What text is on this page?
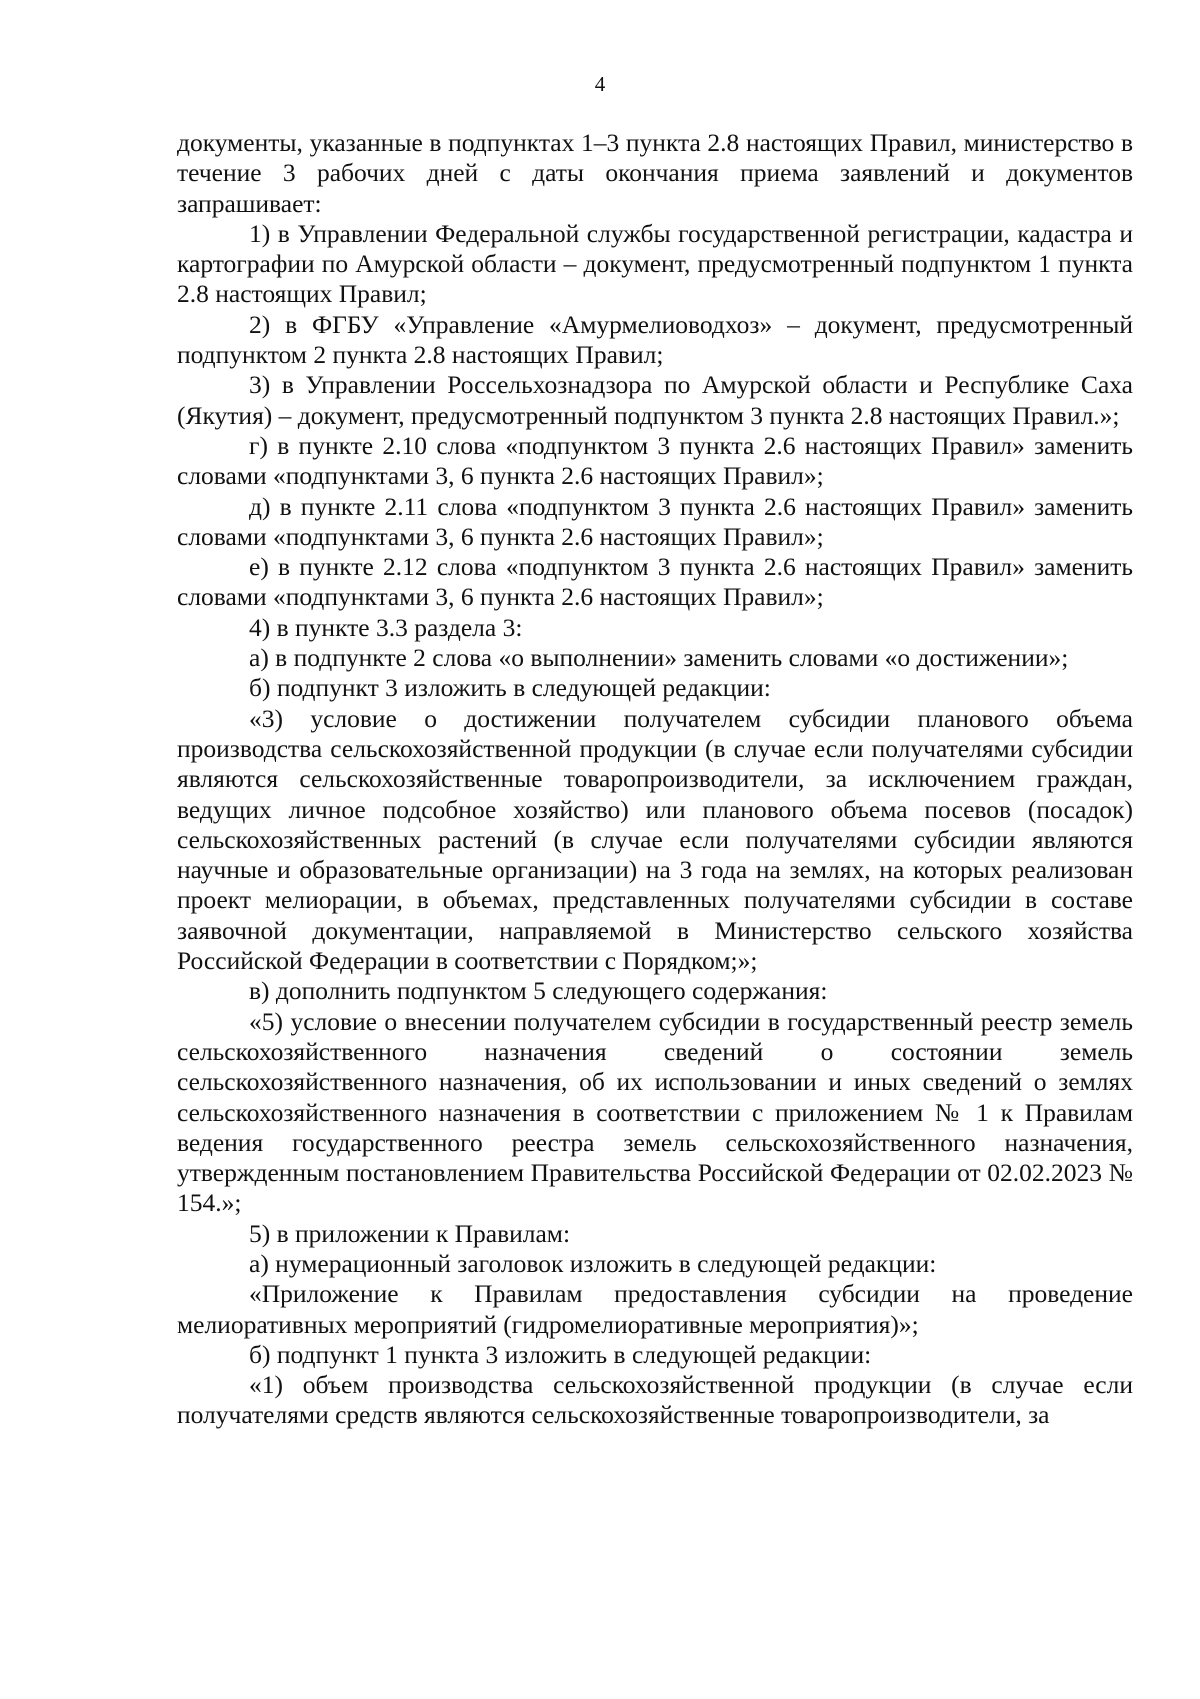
4

документы, указанные в подпунктах 1–3 пункта 2.8 настоящих Правил, министерство в течение 3 рабочих дней с даты окончания приема заявлений и документов запрашивает:

1) в Управлении Федеральной службы государственной регистрации, кадастра и картографии по Амурской области – документ, предусмотренный подпунктом 1 пункта 2.8 настоящих Правил;

2) в ФГБУ «Управление «Амурмелиоводхоз» – документ, предусмотренный подпунктом 2 пункта 2.8 настоящих Правил;

3) в Управлении Россельхознадзора по Амурской области и Республике Саха (Якутия) – документ, предусмотренный подпунктом 3 пункта 2.8 настоящих Правил.»;

г) в пункте 2.10 слова «подпунктом 3 пункта 2.6 настоящих Правил» заменить словами «подпунктами 3, 6 пункта 2.6 настоящих Правил»;

д) в пункте 2.11 слова «подпунктом 3 пункта 2.6 настоящих Правил» заменить словами «подпунктами 3, 6 пункта 2.6 настоящих Правил»;

е) в пункте 2.12 слова «подпунктом 3 пункта 2.6 настоящих Правил» заменить словами «подпунктами 3, 6 пункта 2.6 настоящих Правил»;

4) в пункте 3.3 раздела 3:

а) в подпункте 2 слова «о выполнении» заменить словами «о достижении»;

б) подпункт 3 изложить в следующей редакции:

«3) условие о достижении получателем субсидии планового объема производства сельскохозяйственной продукции (в случае если получателями субсидии являются сельскохозяйственные товаропроизводители, за исключением граждан, ведущих личное подсобное хозяйство) или планового объема посевов (посадок) сельскохозяйственных растений (в случае если получателями субсидии являются научные и образовательные организации) на 3 года на землях, на которых реализован проект мелиорации, в объемах, представленных получателями субсидии в составе заявочной документации, направляемой в Министерство сельского хозяйства Российской Федерации в соответствии с Порядком;»;

в) дополнить подпунктом 5 следующего содержания:

«5) условие о внесении получателем субсидии в государственный реестр земель сельскохозяйственного назначения сведений о состоянии земель сельскохозяйственного назначения, об их использовании и иных сведений о землях сельскохозяйственного назначения в соответствии с приложением № 1 к Правилам ведения государственного реестра земель сельскохозяйственного назначения, утвержденным постановлением Правительства Российской Федерации от 02.02.2023 № 154.»;

5) в приложении к Правилам:

а) нумерационный заголовок изложить в следующей редакции:

«Приложение к Правилам предоставления субсидии на проведение мелиоративных мероприятий (гидромелиоративные мероприятия)»;

б) подпункт 1 пункта 3 изложить в следующей редакции:

«1) объем производства сельскохозяйственной продукции (в случае если получателями средств являются сельскохозяйственные товаропроизводители, за
